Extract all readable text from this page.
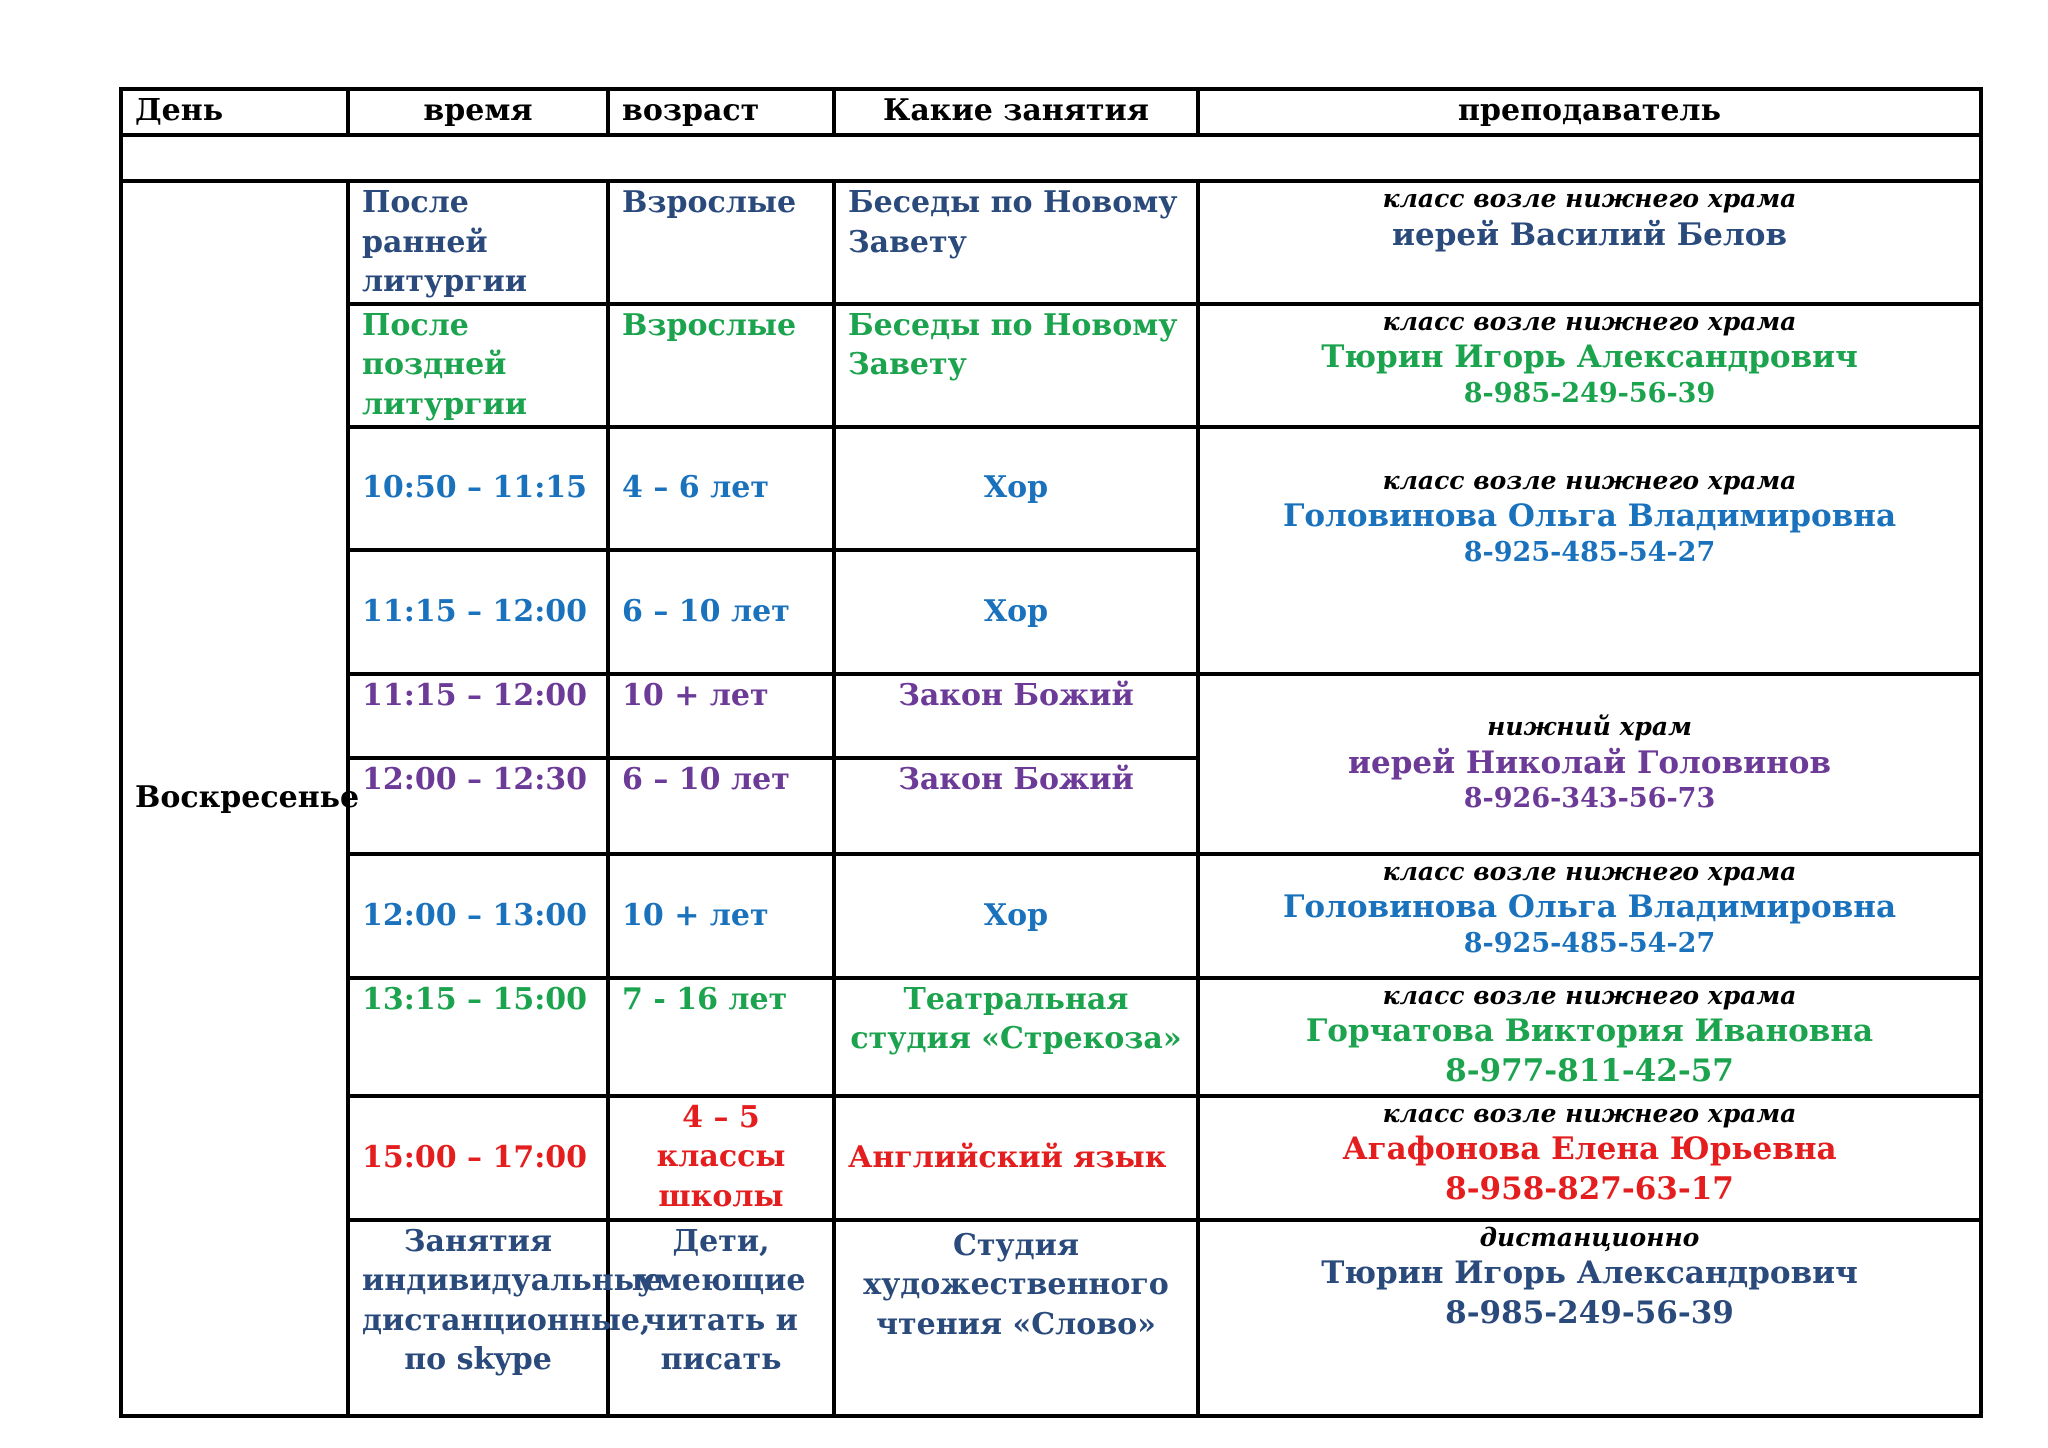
День	время	возраст	Какие занятия	преподаватель

Воскресенье	После ранней литургии	Взрослые	Беседы по Новому Завету	класс возле нижнего храма
иерей Василий Белов

	После поздней литургии	Взрослые	Беседы по Новому Завету	класс возле нижнего храма
Тюрин Игорь Александрович
8-985-249-56-39

	10:50 – 11:15	4 – 6 лет	Хор	класс возле нижнего храма
Головинова Ольга Владимировна
8-925-485-54-27

	11:15 – 12:00	6 – 10 лет	Хор	
	11:15 – 12:00	10 + лет	Закон Божий	нижний храм
иерей Николай Головинов
8-926-343-56-73

	12:00 – 12:30	6 – 10 лет	Закон Божий	
	12:00 – 13:00	10 + лет	Хор	класс возле нижнего храма
Головинова Ольга Владимировна
8-925-485-54-27

	13:15 – 15:00	7 - 16 лет	Театральная студия «Стрекоза»	класс возле нижнего храма
Горчатова Виктория Ивановна
8-977-811-42-57

	15:00 – 17:00	4 – 5 классы школы	Английский язык	класс возле нижнего храма
Агафонова Елена Юрьевна
8-958-827-63-17

	Занятия индивидуальные дистанционные, по skype	Дети, умеющие читать и писать	Студия художественного чтения «Слово»	дистанционно
Тюрин Игорь Александрович
8-985-249-56-39
